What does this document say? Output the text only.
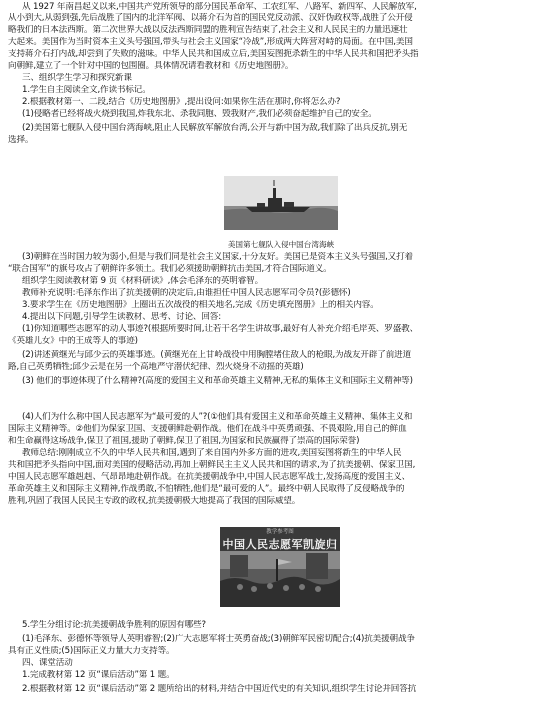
从 1927 年南昌起义以来,中国共产党所领导的部分国民革命军、工农红军、八路军、新四军、人民解放军,
从小到大,从弱到强,先后战胜了国内的北洋军阀、以蒋介石为首的国民党反动派、汉奸伪政权等,战胜了公开侵
略我们的日本法西斯。第二次世界大战以反法西斯同盟的胜利宣告结束了,社会主义和人民民主的力量迅速壮
大起来。美国作为当时资本主义头号强国,带头与社会主义国家“冷战”,形成两大阵营对峙的局面。在中国,美国
支持蒋介石打内战,却尝到了失败的滋味。中华人民共和国成立后,美国妄图扼杀新生的中华人民共和国把矛头指
向朝鲜,建立了一个针对中国的包围圈。具体情况请看教材和《历史地图册》。
三、组织学生学习和探究新课
1.学生自主阅读全文,作读书标记。
2.根据教材第一、二段,结合《历史地图册》,提出设问:如果你生活在那时,你将怎么办?
(1)侵略者已经将战火烧到我国,炸我东北、杀我同胞、毁我财产,我们必须奋起维护自己的安全。
(2)美国第七舰队入侵中国台湾海峡,阻止人民解放军解放台湾,公开与新中国为敌,我们除了出兵反抗,别无
选择。
美国第七舰队入侵中国台湾海峡
(3)朝鲜在当时国力较为弱小,但是与我们同是社会主义国家,十分友好。美国已是资本主义头号强国,又打着
“联合国军”的旗号攻占了朝鲜许多领土。我们必须援助朝鲜抗击美国,才符合国际道义。
组织学生阅读教材第 9 页《材料研读》,体会毛泽东的英明睿智。
教师补充说明:毛泽东作出了抗美援朝的决定后,由谁担任中国人民志愿军司令员?(彭德怀)
3.要求学生在《历史地图册》上圈出五次战役的相关地名,完成《历史填充图册》上的相关内容。
4.提出以下问题,引导学生读教材、思考、讨论、回答:
(1)你知道哪些志愿军的动人事迹?(根据所要时间,让若干名学生讲故事,最好有人补充介绍毛岸英、罗盛教、
《英雄儿女》中的王成等人的事迹)
(2)讲述黄继光与邱少云的英雄事迹。(黄继光在上甘岭战役中用胸膛堵住敌人的枪眼,为战友开辟了前进道
路,自己英勇牺牲;邱少云是在另一个高地严守潜伏纪律、烈火烧身不动摇的英雄)
(3) 他们的事迹体现了什么精神?(高度的爱国主义和革命英雄主义精神,无私的集体主义和国际主义精神等)
(4)人们为什么称中国人民志愿军为“最可爱的人”?(①他们具有爱国主义和革命英雄主义精神、集体主义和
国际主义精神等。②他们为保家卫国、支援朝鲜赴朝作战。他们在战斗中英勇顽强、不畏艰险,用自己的鲜血
和生命赢得这场战争,保卫了祖国,援助了朝鲜,保卫了祖国,为国家和民族赢得了崇高的国际荣誉)
教师总结:刚刚成立不久的中华人民共和国,遇到了来自国内外多方面的进攻,美国妄图将新生的中华人民
共和国把矛头指向中国,面对美国的侵略活动,再加上朝鲜民主主义人民共和国的请求,为了抗美援朝、保家卫国,
中国人民志愿军雄赳赳、气昂昂地赴朝作战。在抗美援朝战争中,中国人民志愿军战士,发扬高度的爱国主义、
革命英雄主义和国际主义精神,作战勇敢,不怕牺牲,他们是“最可爱的人”。最终中朝人民取得了反侵略战争的
胜利,巩固了我国人民民主专政的政权,抗美援朝极大地提高了我国的国际威望。
教学参考图
中国人民志愿军凯旋归
5.学生分组讨论:抗美援朝战争胜利的原因有哪些?
(1)毛泽东、彭德怀等领导人英明睿智;(2)广大志愿军将士英勇奋战;(3)朝鲜军民密切配合;(4)抗美援朝战争
具有正义性质;(5)国际正义力量大力支持等。
四、课堂活动
1.完成教材第 12 页“课后活动”第 1 题。
2.根据教材第 12 页“课后活动”第 2 题所给出的材料,并结合中国近代史的有关知识,组织学生讨论并回答抗
